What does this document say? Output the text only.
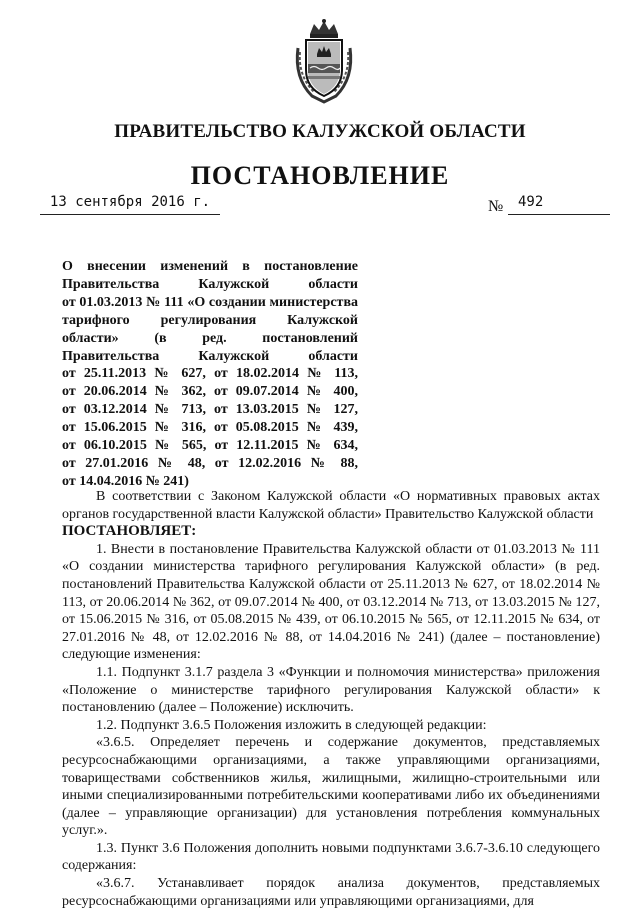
ПРАВИТЕЛЬСТВО КАЛУЖСКОЙ ОБЛАСТИ
ПОСТАНОВЛЕНИЕ
13 сентября 2016 г.	№	492
О внесении изменений в постановление
Правительства Калужской области
от 01.03.2013 № 111 «О создании министерства
тарифного регулирования Калужской
области» (в ред. постановлений
Правительства Калужской области
от 25.11.2013 № 627, от 18.02.2014 № 113,
от 20.06.2014 № 362, от 09.07.2014 № 400,
от 03.12.2014 № 713, от 13.03.2015 № 127,
от 15.06.2015 № 316, от 05.08.2015 № 439,
от 06.10.2015 № 565, от 12.11.2015 № 634,
от 27.01.2016 № 48, от 12.02.2016 № 88,
от 14.04.2016 № 241)

В соответствии с Законом Калужской области «О нормативных правовых актах органов государственной власти Калужской области» Правительство Калужской области

ПОСТАНОВЛЯЕТ:

1. Внести в постановление Правительства Калужской области от 01.03.2013 № 111 «О создании министерства тарифного регулирования Калужской области» (в ред. постановлений Правительства Калужской области от 25.11.2013 № 627, от 18.02.2014 № 113, от 20.06.2014 № 362, от 09.07.2014 № 400, от 03.12.2014 № 713, от 13.03.2015 № 127, от 15.06.2015 № 316, от 05.08.2015 № 439, от 06.10.2015 № 565, от 12.11.2015 № 634, от 27.01.2016 № 48, от 12.02.2016 № 88, от 14.04.2016 № 241) (далее – постановление) следующие изменения:

1.1. Подпункт 3.1.7 раздела 3 «Функции и полномочия министерства» приложения «Положение о министерстве тарифного регулирования Калужской области» к постановлению (далее – Положение) исключить.

1.2. Подпункт 3.6.5 Положения изложить в следующей редакции:

«3.6.5. Определяет перечень и содержание документов, представляемых ресурсоснабжающими организациями, а также управляющими организациями, товариществами собственников жилья, жилищными, жилищно-строительными или иными специализированными потребительскими кооперативами либо их объединениями (далее – управляющие организации) для установления потребления коммунальных услуг.».

1.3. Пункт 3.6 Положения дополнить новыми подпунктами 3.6.7-3.6.10 следующего содержания:

«3.6.7. Устанавливает порядок анализа документов, представляемых ресурсоснабжающими организациями или управляющими организациями, для
